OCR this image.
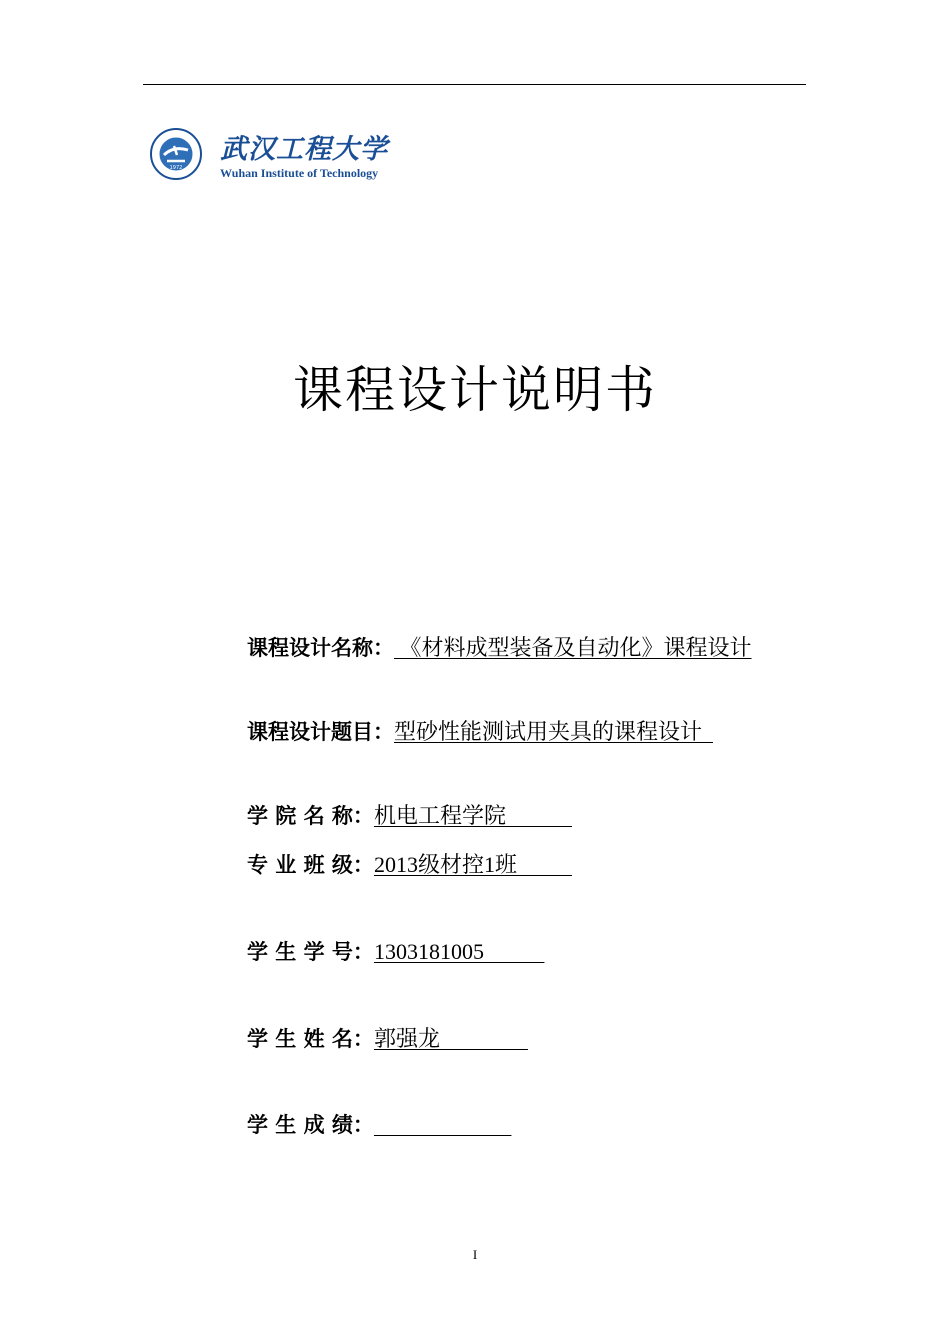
1972
武汉工程大学
Wuhan Institute of Technology
课程设计说明书
课程设计名称： 《材料成型装备及自动化》课程设计
课程设计题目：型砂性能测试用夹具的课程设计
学 院 名 称：机电工程学院
专 业 班 级：2013级材控1班
学 生 学 号：1303181005
学 生 姓 名：郭强龙
学 生 成 绩：
I
